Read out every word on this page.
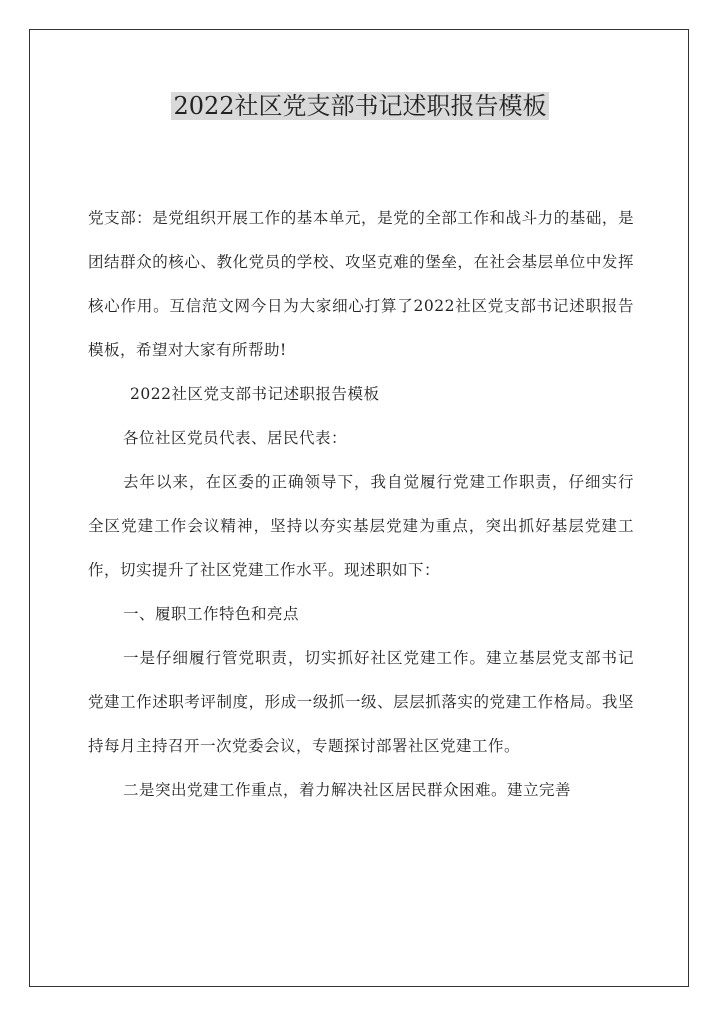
2022社区党支部书记述职报告模板

党支部：是党组织开展工作的基本单元，是党的全部工作和战斗力的基础，是团结群众的核心、教化党员的学校、攻坚克难的堡垒，在社会基层单位中发挥核心作用。互信范文网今日为大家细心打算了2022社区党支部书记述职报告模板，希望对大家有所帮助!

2022社区党支部书记述职报告模板

各位社区党员代表、居民代表：

去年以来，在区委的正确领导下，我自觉履行党建工作职责，仔细实行全区党建工作会议精神，坚持以夯实基层党建为重点，突出抓好基层党建工作，切实提升了社区党建工作水平。现述职如下：

一、履职工作特色和亮点

一是仔细履行管党职责，切实抓好社区党建工作。建立基层党支部书记党建工作述职考评制度，形成一级抓一级、层层抓落实的党建工作格局。我坚持每月主持召开一次党委会议，专题探讨部署社区党建工作。

二是突出党建工作重点，着力解决社区居民群众困难。建立完善
